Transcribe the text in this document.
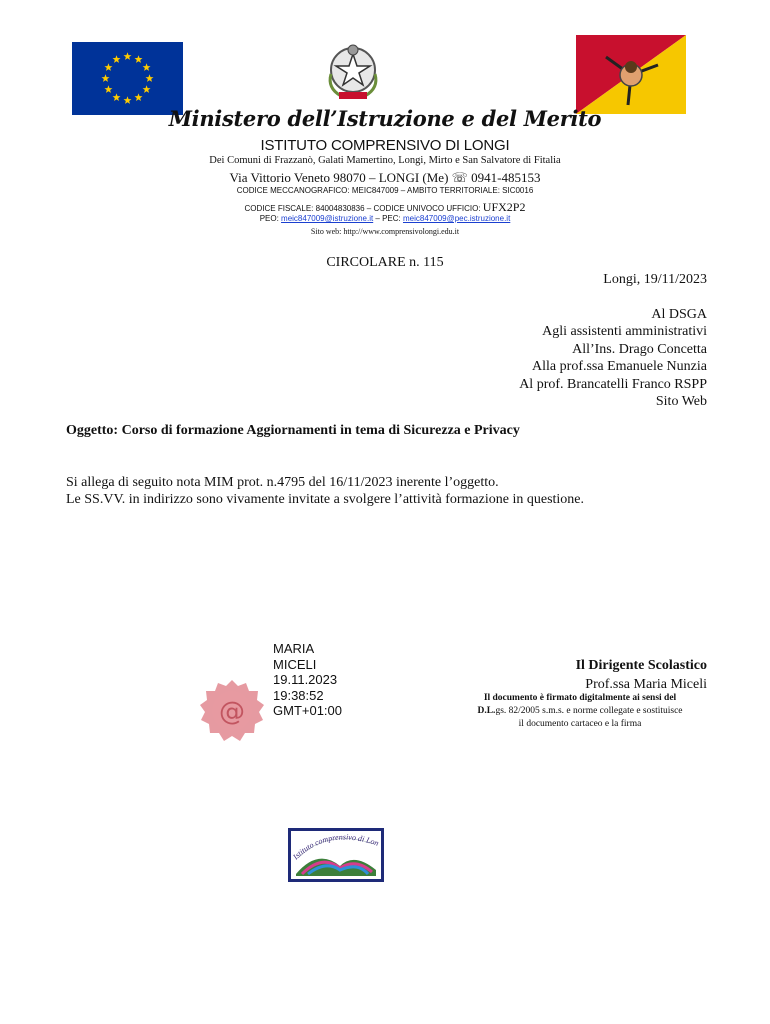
Ministero dell’Istruzione e del Merito
ISTITUTO COMPRENSIVO DI LONGI
Dei Comuni di Frazzanò, Galati Mamertino, Longi, Mirto e San Salvatore di Fitalia
Via Vittorio Veneto 98070 – LONGI (Me) ☏ 0941-485153
CODICE MECCANOGRAFICO: MEIC847009 – AMBITO TERRITORIALE: SIC0016
CODICE FISCALE: 84004830836 – CODICE UNIVOCO UFFICIO: UFX2P2
PEO: meic847009@istruzione.it – PEC: meic847009@pec.istruzione.it
Sito web: http://www.comprensivolongi.edu.it
CIRCOLARE n. 115
Longi, 19/11/2023
Al DSGA
Agli assistenti amministrativi
All’Ins. Drago Concetta
Alla prof.ssa Emanuele Nunzia
Al prof. Brancatelli Franco RSPP
Sito Web
Oggetto: Corso di formazione Aggiornamenti in tema di Sicurezza e Privacy
Si allega di seguito nota MIM prot. n.4795 del 16/11/2023 inerente l’oggetto.
Le SS.VV. in indirizzo sono vivamente invitate a svolgere l’attività formazione in questione.
@
MARIA
MICELI
19.11.2023
19:38:52
GMT+01:00
Il Dirigente Scolastico
Prof.ssa Maria Miceli
Il documento è firmato digitalmente ai sensi del
D.L.gs. 82/2005 s.m.s. e norme collegate e sostituisce
il documento cartaceo e la firma
Istituto comprensivo di Lon
